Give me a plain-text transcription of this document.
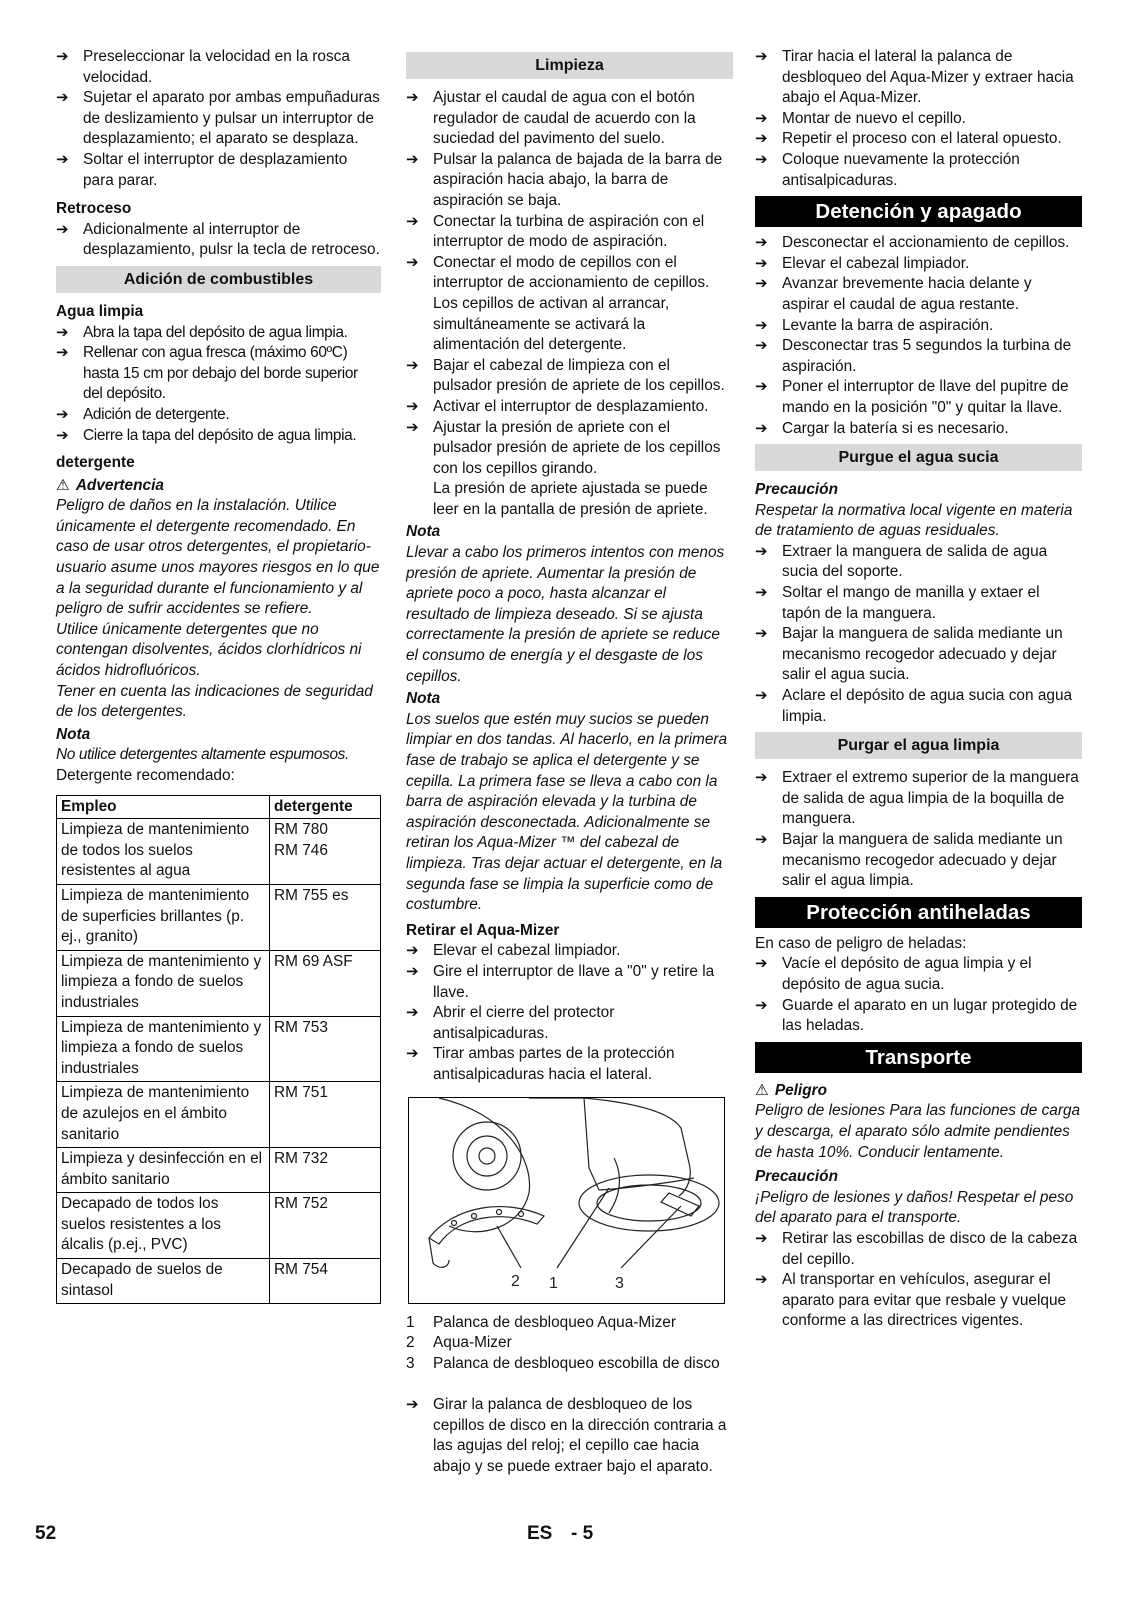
➔ Preseleccionar la velocidad en la rosca velocidad.
➔ Sujetar el aparato por ambas empuñaduras de deslizamiento y pulsar un interruptor de desplazamiento; el aparato se desplaza.
➔ Soltar el interruptor de desplazamiento para parar.

Retroceso

➔ Adicionalmente al interruptor de desplazamiento, pulsr la tecla de retroceso.
Adición de combustibles

Agua limpia

➔ Abra la tapa del depósito de agua limpia.
➔ Rellenar con agua fresca (máximo 60ºC) hasta 15 cm por debajo del borde superior del depósito.
➔ Adición de detergente.
➔ Cierre la tapa del depósito de agua limpia.

detergente

⚠ Advertencia

Peligro de daños en la instalación. Utilice únicamente el detergente recomendado. En caso de usar otros detergentes, el propietario-usuario asume unos mayores riesgos en lo que a la seguridad durante el funcionamiento y al peligro de sufrir accidentes se refiere.

Utilice únicamente detergentes que no contengan disolventes, ácidos clorhídricos ni ácidos hidrofluóricos.

Tener en cuenta las indicaciones de seguridad de los detergentes.

Nota

No utilice detergentes altamente espumosos.

Detergente recomendado:

Empleo	detergente
Limpieza de mantenimiento de todos los suelos resistentes al agua	RM 780
RM 746
Limpieza de mantenimiento de superficies brillantes (p. ej., granito)	RM 755 es
Limpieza de mantenimiento y limpieza a fondo de suelos industriales	RM 69 ASF
Limpieza de mantenimiento y limpieza a fondo de suelos industriales	RM 753
Limpieza de mantenimiento de azulejos en el ámbito sanitario	RM 751
Limpieza y desinfección en el ámbito sanitario	RM 732
Decapado de todos los suelos resistentes a los álcalis (p.ej., PVC)	RM 752
Decapado de suelos de sintasol	RM 754
Limpieza
➔ Ajustar el caudal de agua con el botón regulador de caudal de acuerdo con la suciedad del pavimento del suelo.
➔ Pulsar la palanca de bajada de la barra de aspiración hacia abajo, la barra de aspiración se baja.
➔ Conectar la turbina de aspiración con el interruptor de modo de aspiración.
➔ Conectar el modo de cepillos con el interruptor de accionamiento de cepillos.

Los cepillos de activan al arrancar, simultáneamente se activará la alimentación del detergente.

➔ Bajar el cabezal de limpieza con el pulsador presión de apriete de los cepillos.
➔ Activar el interruptor de desplazamiento.
➔ Ajustar la presión de apriete con el pulsador presión de apriete de los cepillos con los cepillos girando.

La presión de apriete ajustada se puede leer en la pantalla de presión de apriete.

Nota

Llevar a cabo los primeros intentos con menos presión de apriete. Aumentar la presión de apriete poco a poco, hasta alcanzar el resultado de limpieza deseado. Si se ajusta correctamente la presión de apriete se reduce el consumo de energía y el desgaste de los cepillos.

Nota

Los suelos que estén muy sucios se pueden limpiar en dos tandas. Al hacerlo, en la primera fase de trabajo se aplica el detergente y se cepilla. La primera fase se lleva a cabo con la barra de aspiración elevada y la turbina de aspiración desconectada. Adicionalmente se retiran los Aqua-Mizer ™ del cabezal de limpieza. Tras dejar actuar el detergente, en la segunda fase se limpia la superficie como de costumbre.

Retirar el Aqua-Mizer

➔ Elevar el cabezal limpiador.
➔ Gire el interruptor de llave a "0" y retire la llave.
➔ Abrir el cierre del protector antisalpicaduras.
➔ Tirar ambas partes de la protección antisalpicaduras hacia el lateral.
1
2	3
1	Palanca de desbloqueo Aqua-Mizer
2	Aqua-Mizer
3	Palanca de desbloqueo escobilla de disco
➔ Girar la palanca de desbloqueo de los cepillos de disco en la dirección contraria a las agujas del reloj; el cepillo cae hacia abajo y se puede extraer bajo el aparato.
➔ Tirar hacia el lateral la palanca de desbloqueo del Aqua-Mizer y extraer hacia abajo el Aqua-Mizer.
➔ Montar de nuevo el cepillo.
➔ Repetir el proceso con el lateral opuesto.
➔ Coloque nuevamente la protección antisalpicaduras.
Detención y apagado
➔ Desconectar el accionamiento de cepillos.
➔ Elevar el cabezal limpiador.
➔ Avanzar brevemente hacia delante y aspirar el caudal de agua restante.
➔ Levante la barra de aspiración.
➔ Desconectar tras 5 segundos la turbina de aspiración.
➔ Poner el interruptor de llave del pupitre de mando en la posición "0" y quitar la llave.
➔ Cargar la batería si es necesario.
Purgue el agua sucia

Precaución

Respetar la normativa local vigente en materia de tratamiento de aguas residuales.

➔ Extraer la manguera de salida de agua sucia del soporte.
➔ Soltar el mango de manilla y extaer el tapón de la manguera.
➔ Bajar la manguera de salida mediante un mecanismo recogedor adecuado y dejar salir el agua sucia.
➔ Aclare el depósito de agua sucia con agua limpia.
Purgar el agua limpia
➔ Extraer el extremo superior de la manguera de salida de agua limpia de la boquilla de manguera.
➔ Bajar la manguera de salida mediante un mecanismo recogedor adecuado y dejar salir el agua limpia.
Protección antiheladas

En caso de peligro de heladas:

➔ Vacíe el depósito de agua limpia y el depósito de agua sucia.
➔ Guarde el aparato en un lugar protegido de las heladas.
Transporte

⚠ Peligro

Peligro de lesiones Para las funciones de carga y descarga, el aparato sólo admite pendientes de hasta 10%. Conducir lentamente.

Precaución

¡Peligro de lesiones y daños! Respetar el peso del aparato para el transporte.

➔ Retirar las escobillas de disco de la cabeza del cepillo.
➔ Al transportar en vehículos, asegurar el aparato para evitar que resbale y vuelque conforme a las directrices vigentes.
52	ES - 5
